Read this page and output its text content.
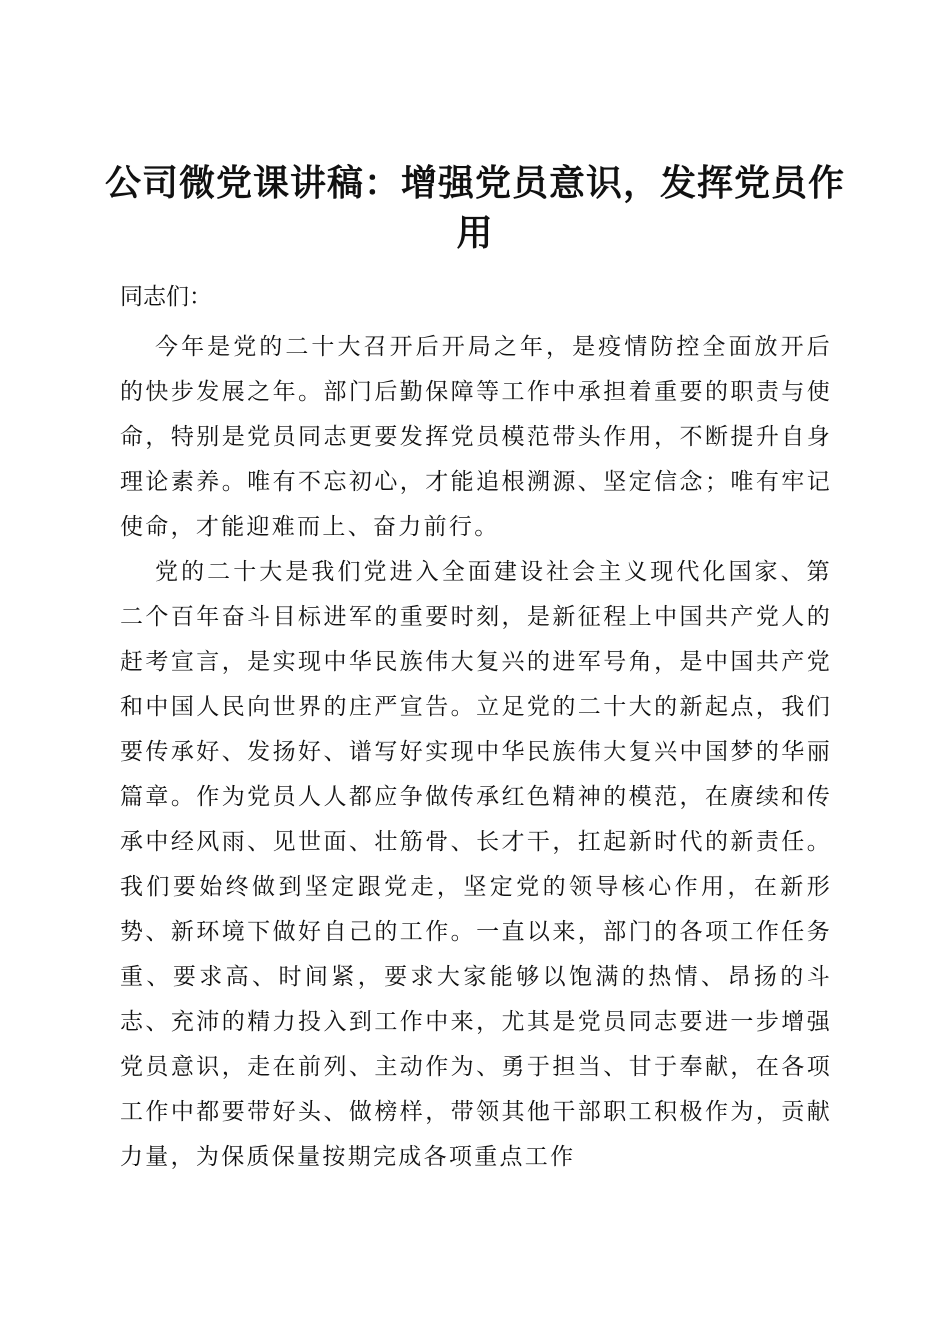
公司微党课讲稿：增强党员意识，发挥党员作用
同志们：

今年是党的二十大召开后开局之年，是疫情防控全面放开后的快步发展之年。部门后勤保障等工作中承担着重要的职责与使命，特别是党员同志更要发挥党员模范带头作用，不断提升自身理论素养。唯有不忘初心，才能追根溯源、坚定信念；唯有牢记使命，才能迎难而上、奋力前行。

党的二十大是我们党进入全面建设社会主义现代化国家、第二个百年奋斗目标进军的重要时刻，是新征程上中国共产党人的赶考宣言，是实现中华民族伟大复兴的进军号角，是中国共产党和中国人民向世界的庄严宣告。立足党的二十大的新起点，我们要传承好、发扬好、谱写好实现中华民族伟大复兴中国梦的华丽篇章。作为党员人人都应争做传承红色精神的模范，在赓续和传承中经风雨、见世面、壮筋骨、长才干，扛起新时代的新责任。我们要始终做到坚定跟党走，坚定党的领导核心作用，在新形势、新环境下做好自己的工作。一直以来，部门的各项工作任务重、要求高、时间紧，要求大家能够以饱满的热情、昂扬的斗志、充沛的精力投入到工作中来，尤其是党员同志要进一步增强党员意识，走在前列、主动作为、勇于担当、甘于奉献，在各项工作中都要带好头、做榜样，带领其他干部职工积极作为，贡献力量，为保质保量按期完成各项重点工作
